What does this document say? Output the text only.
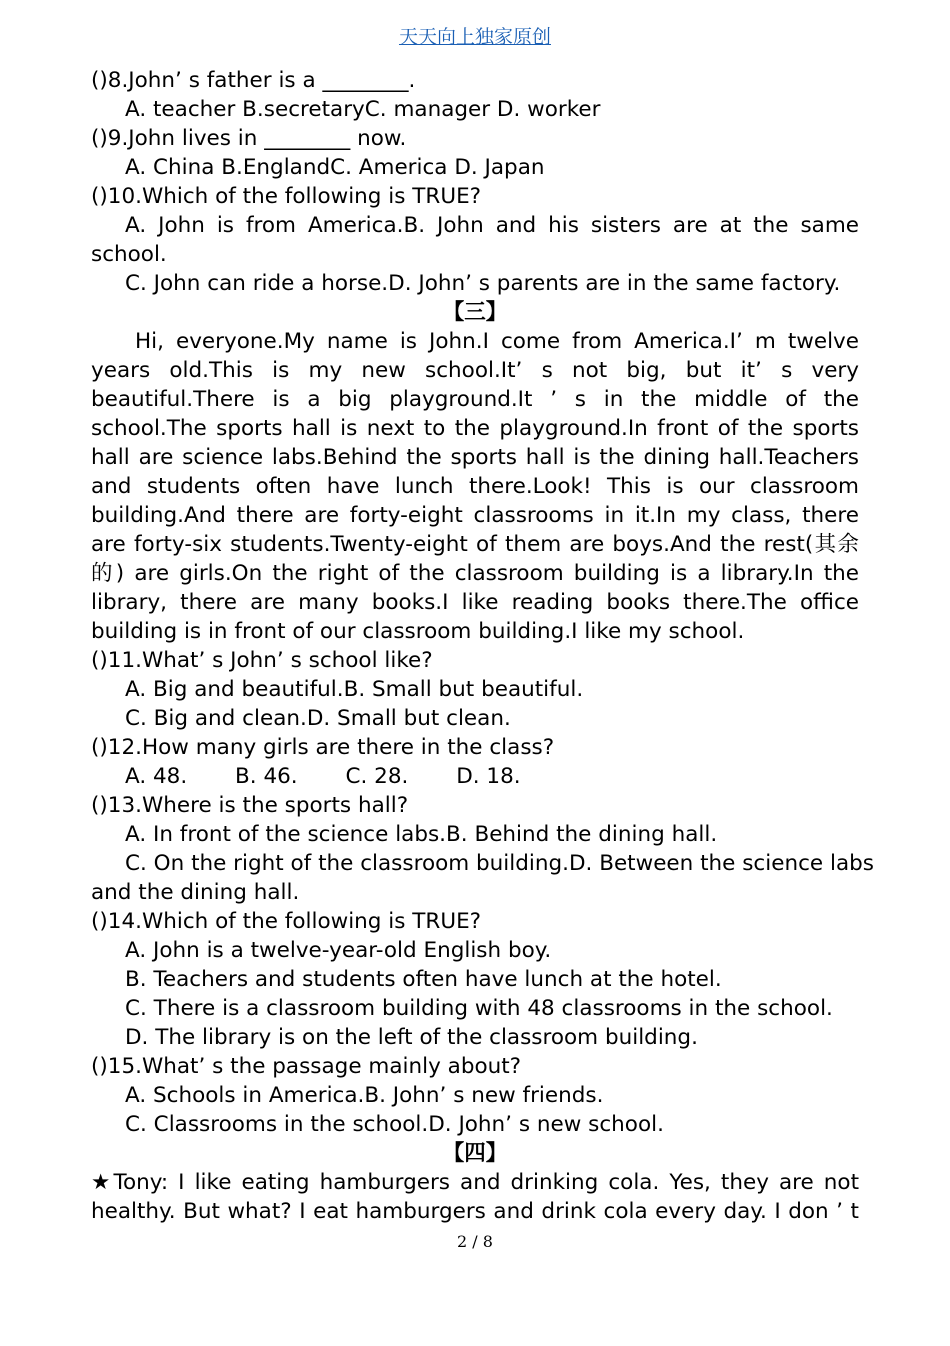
天天向上独家原创
()8.John’ s father is a ________.
A. teacher B.secretaryC. manager D. worker
()9.John lives in ________ now.
A. China B.EnglandC. America D. Japan
()10.Which of the following is TRUE?
A. John is from America.B. John and his sisters are at the same
school.
C. John can ride a horse.D. John’ s parents are in the same factory.
【三】

Hi, everyone.My name is John.I come from America.I’ m twelve years old.This is my new school.It’ s not big, but it’ s very beautiful.There is a big playground.It ’ s in the middle of the school.The sports hall is next to the playground.In front of the sports hall are science labs.Behind the sports hall is the dining hall.Teachers and students often have lunch there.Look! This is our classroom building.And there are forty-eight classrooms in it.In my class, there are forty-six students.Twenty-eight of them are boys.And the rest(其余的) are girls.On the right of the classroom building is a library.In the library, there are many books.I like reading books there.The office building is in front of our classroom building.I like my school.

()11.What’ s John’ s school like?
A. Big and beautiful.B. Small but beautiful.
C. Big and clean.D. Small but clean.
()12.How many girls are there in the class?
A. 48.       B. 46.       C. 28.       D. 18.
()13.Where is the sports hall?
A. In front of the science labs.B. Behind the dining hall.
C. On the right of the classroom building.D. Between the science labs
and the dining hall.
()14.Which of the following is TRUE?
A. John is a twelve-year-old English boy.
B. Teachers and students often have lunch at the hotel.
C. There is a classroom building with 48 classrooms in the school.
D. The library is on the left of the classroom building.
()15.What’ s the passage mainly about?
A. Schools in America.B. John’ s new friends.
C. Classrooms in the school.D. John’ s new school.
【四】
★Tony: I like eating hamburgers and drinking cola. Yes, they are not
healthy. But what? I eat hamburgers and drink cola every day. I don ’ t
2 / 8
